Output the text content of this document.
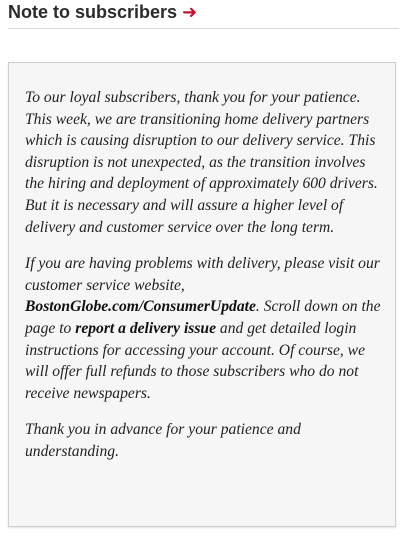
Note to subscribers ➜

To our loyal subscribers, thank you for your patience. This week, we are transitioning home delivery partners which is causing disruption to our delivery service. This disruption is not unexpected, as the transition involves the hiring and deployment of approximately 600 drivers. But it is necessary and will assure a higher level of delivery and customer service over the long term.

If you are having problems with delivery, please visit our customer service website, BostonGlobe.com/ConsumerUpdate. Scroll down on the page to report a delivery issue and get detailed login instructions for accessing your account. Of course, we will offer full refunds to those subscribers who do not receive newspapers.

Thank you in advance for your patience and understanding.
